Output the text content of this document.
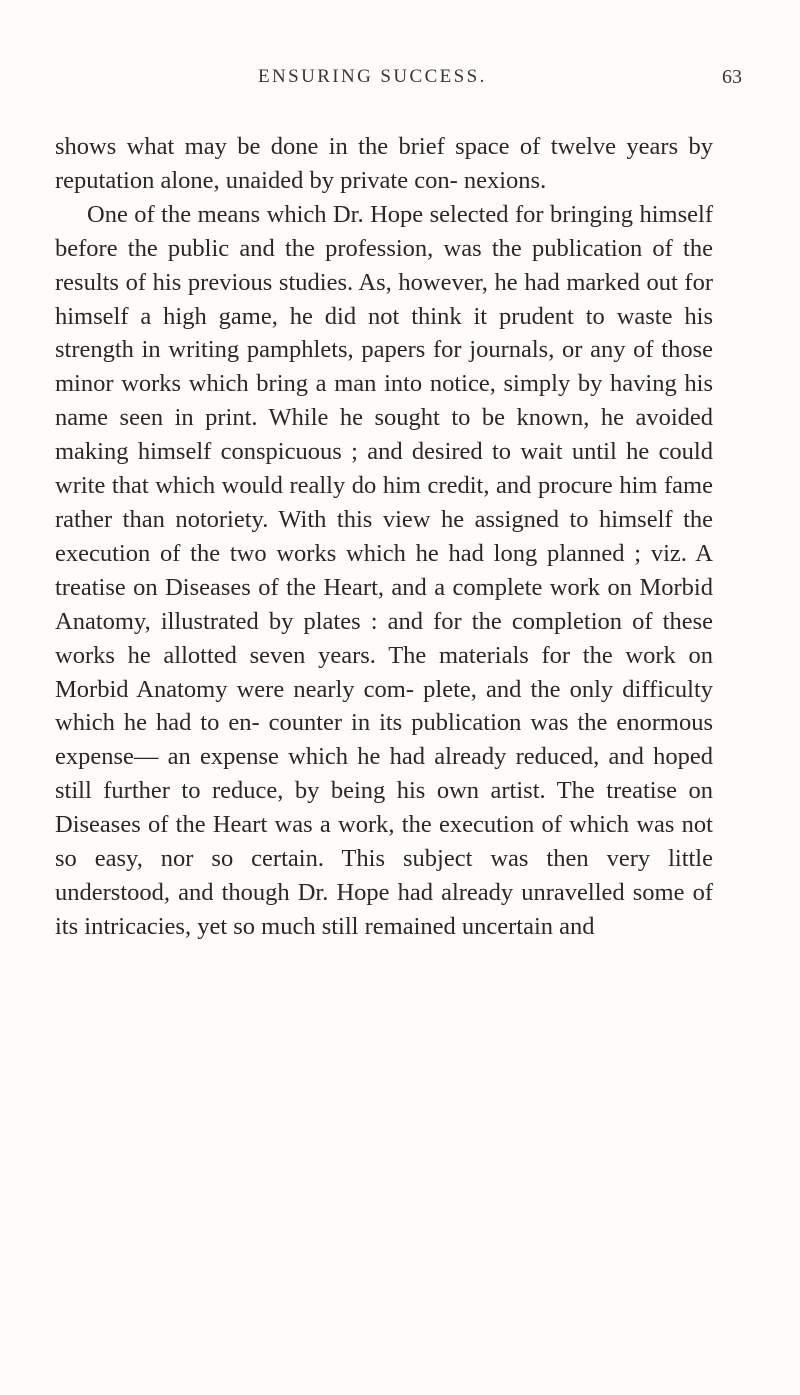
ENSURING SUCCESS.	63

shows what may be done in the brief space of twelve years by reputation alone, unaided by private con- nexions.

One of the means which Dr. Hope selected for bringing himself before the public and the profession, was the publication of the results of his previous studies. As, however, he had marked out for himself a high game, he did not think it prudent to waste his strength in writing pamphlets, papers for journals, or any of those minor works which bring a man into notice, simply by having his name seen in print. While he sought to be known, he avoided making himself conspicuous ; and desired to wait until he could write that which would really do him credit, and procure him fame rather than notoriety. With this view he assigned to himself the execution of the two works which he had long planned ; viz. A treatise on Diseases of the Heart, and a complete work on Morbid Anatomy, illustrated by plates : and for the completion of these works he allotted seven years. The materials for the work on Morbid Anatomy were nearly com- plete, and the only difficulty which he had to en- counter in its publication was the enormous expense— an expense which he had already reduced, and hoped still further to reduce, by being his own artist. The treatise on Diseases of the Heart was a work, the execution of which was not so easy, nor so certain. This subject was then very little understood, and though Dr. Hope had already unravelled some of its intricacies, yet so much still remained uncertain and
